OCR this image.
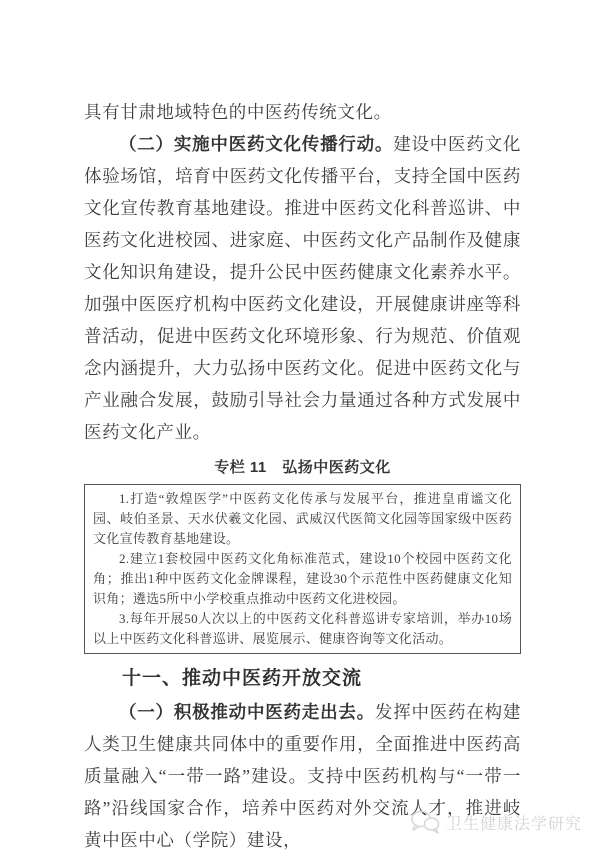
具有甘肃地域特色的中医药传统文化。

（二）实施中医药文化传播行动。建设中医药文化体验场馆，培育中医药文化传播平台，支持全国中医药文化宣传教育基地建设。推进中医药文化科普巡讲、中医药文化进校园、进家庭、中医药文化产品制作及健康文化知识角建设，提升公民中医药健康文化素养水平。加强中医医疗机构中医药文化建设，开展健康讲座等科普活动，促进中医药文化环境形象、行为规范、价值观念内涵提升，大力弘扬中医药文化。促进中医药文化与产业融合发展，鼓励引导社会力量通过各种方式发展中医药文化产业。

专栏 11　弘扬中医药文化

1.打造“敦煌医学”中医药文化传承与发展平台，推进皇甫谧文化园、岐伯圣景、天水伏羲文化园、武威汉代医简文化园等国家级中医药文化宣传教育基地建设。

2.建立1套校园中医药文化角标准范式，建设10个校园中医药文化角；推出1种中医药文化金牌课程，建设30个示范性中医药健康文化知识角；遴选5所中小学校重点推动中医药文化进校园。

3.每年开展50人次以上的中医药文化科普巡讲专家培训，举办10场以上中医药文化科普巡讲、展览展示、健康咨询等文化活动。

十一、推动中医药开放交流

（一）积极推动中医药走出去。发挥中医药在构建人类卫生健康共同体中的重要作用，全面推进中医药高质量融入“一带一路”建设。支持中医药机构与“一带一路”沿线国家合作，培养中医药对外交流人才，推进岐黄中医中心（学院）建设，

卫生健康法学研究
